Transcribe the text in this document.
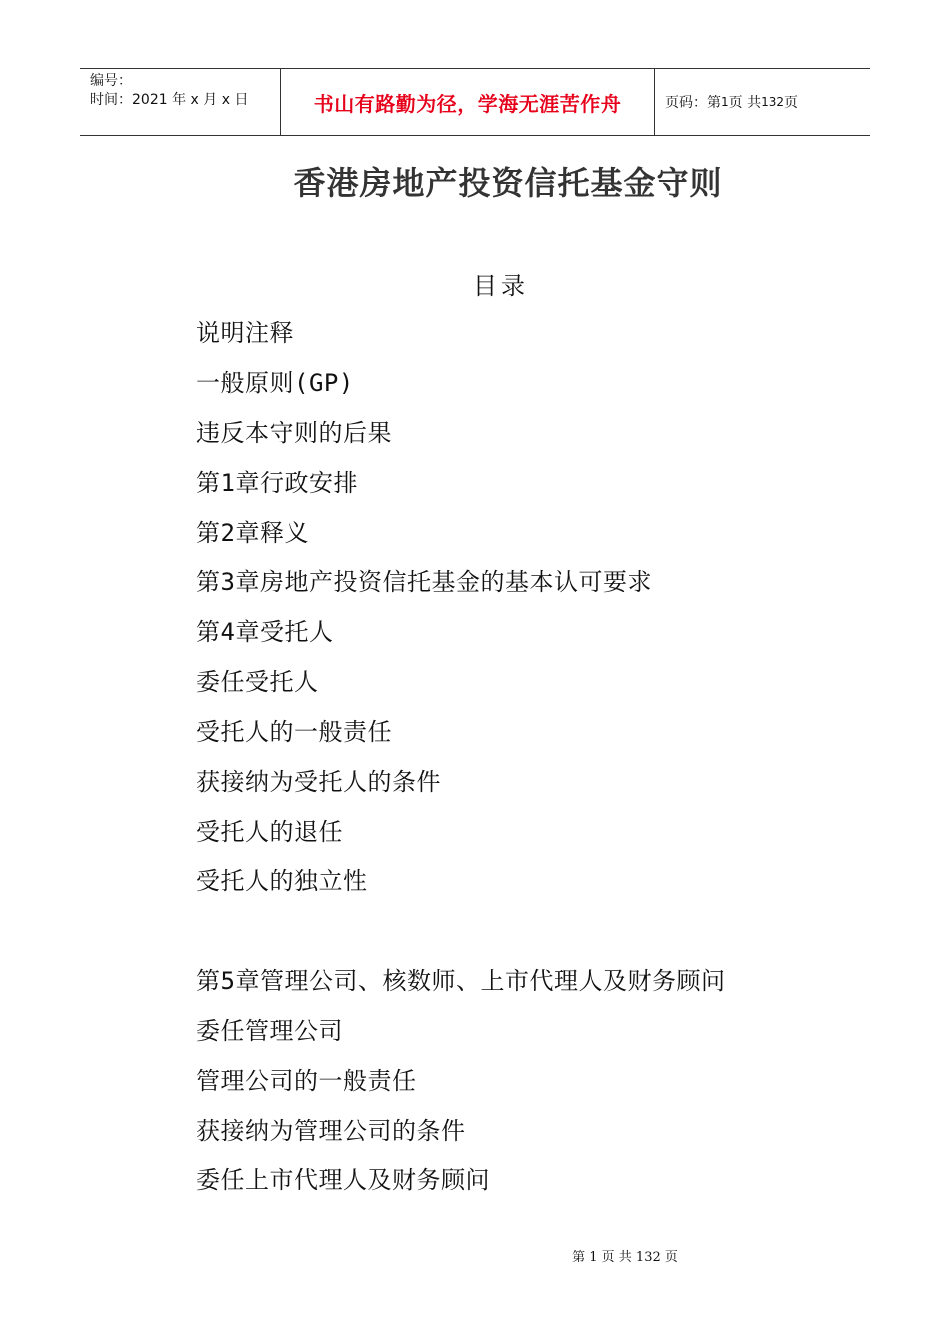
编号：
时间：2021 年 x 月 x 日	书山有路勤为径，学海无涯苦作舟	页码：第 1 页 共 132 页
香港房地产投资信托基金守则
目录
说明注释
一般原则(GP)
违反本守则的后果
第1章行政安排
第2章释义
第3章房地产投资信托基金的基本认可要求
第4章受托人
委任受托人
受托人的一般责任
获接纳为受托人的条件
受托人的退任
受托人的独立性
第5章管理公司、核数师、上市代理人及财务顾问
委任管理公司
管理公司的一般责任
获接纳为管理公司的条件
委任上市代理人及财务顾问
第 1 页 共 132 页
